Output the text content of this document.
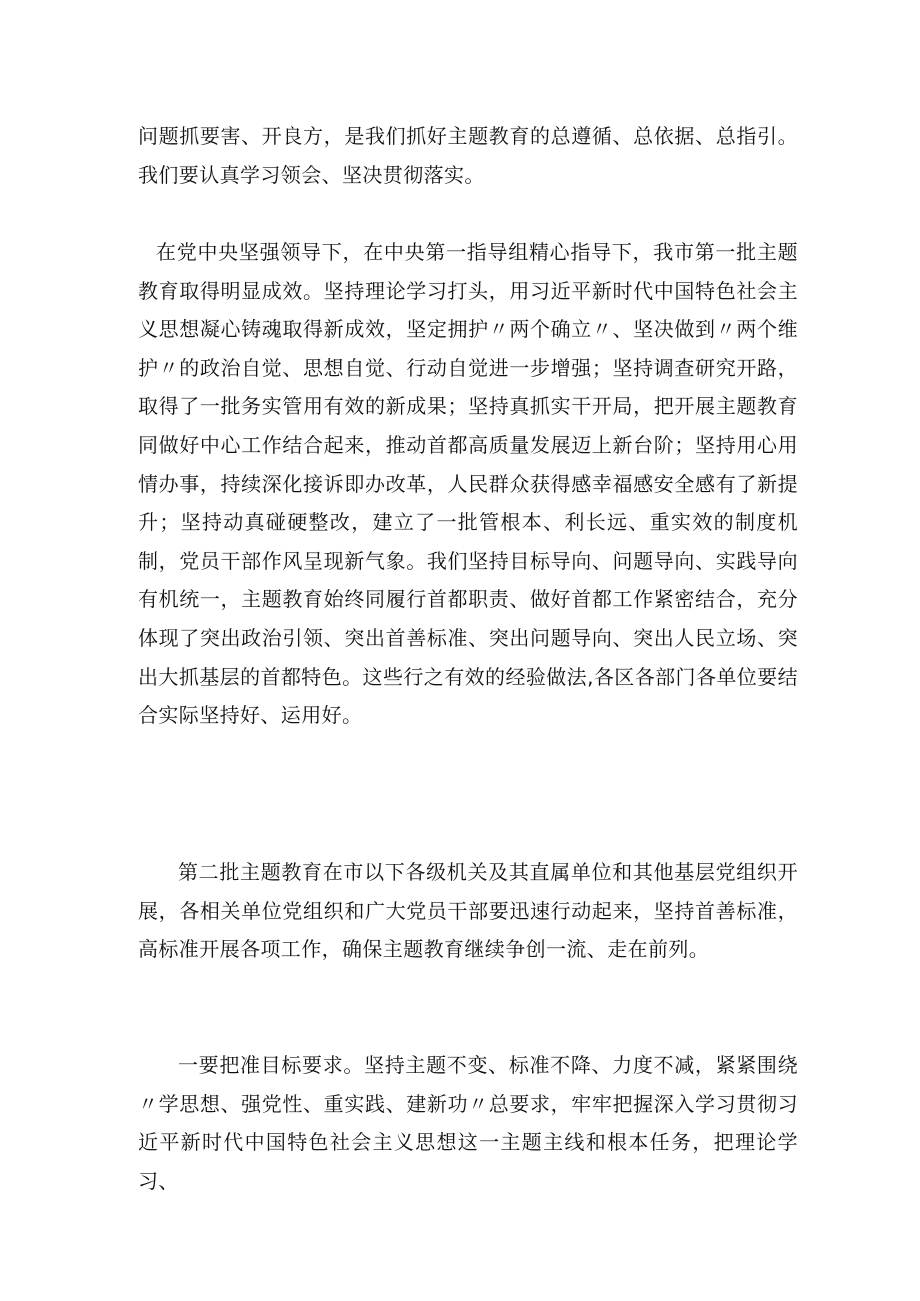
问题抓要害、开良方，是我们抓好主题教育的总遵循、总依据、总指引。我们要认真学习领会、坚决贯彻落实。

在党中央坚强领导下，在中央第一指导组精心指导下，我市第一批主题教育取得明显成效。坚持理论学习打头，用习近平新时代中国特色社会主义思想凝心铸魂取得新成效，坚定拥护〃两个确立〃、坚决做到〃两个维护〃的政治自觉、思想自觉、行动自觉进一步增强；坚持调查研究开路，取得了一批务实管用有效的新成果；坚持真抓实干开局，把开展主题教育同做好中心工作结合起来，推动首都高质量发展迈上新台阶；坚持用心用情办事，持续深化接诉即办改革，人民群众获得感幸福感安全感有了新提升；坚持动真碰硬整改，建立了一批管根本、利长远、重实效的制度机制，党员干部作风呈现新气象。我们坚持目标导向、问题导向、实践导向有机统一，主题教育始终同履行首都职责、做好首都工作紧密结合，充分体现了突出政治引领、突出首善标准、突出问题导向、突出人民立场、突出大抓基层的首都特色。这些行之有效的经验做法,各区各部门各单位要结合实际坚持好、运用好。

第二批主题教育在市以下各级机关及其直属单位和其他基层党组织开展，各相关单位党组织和广大党员干部要迅速行动起来，坚持首善标准，高标准开展各项工作，确保主题教育继续争创一流、走在前列。

一要把准目标要求。坚持主题不变、标准不降、力度不减，紧紧围绕〃学思想、强党性、重实践、建新功〃总要求，牢牢把握深入学习贯彻习近平新时代中国特色社会主义思想这一主题主线和根本任务，把理论学习、
